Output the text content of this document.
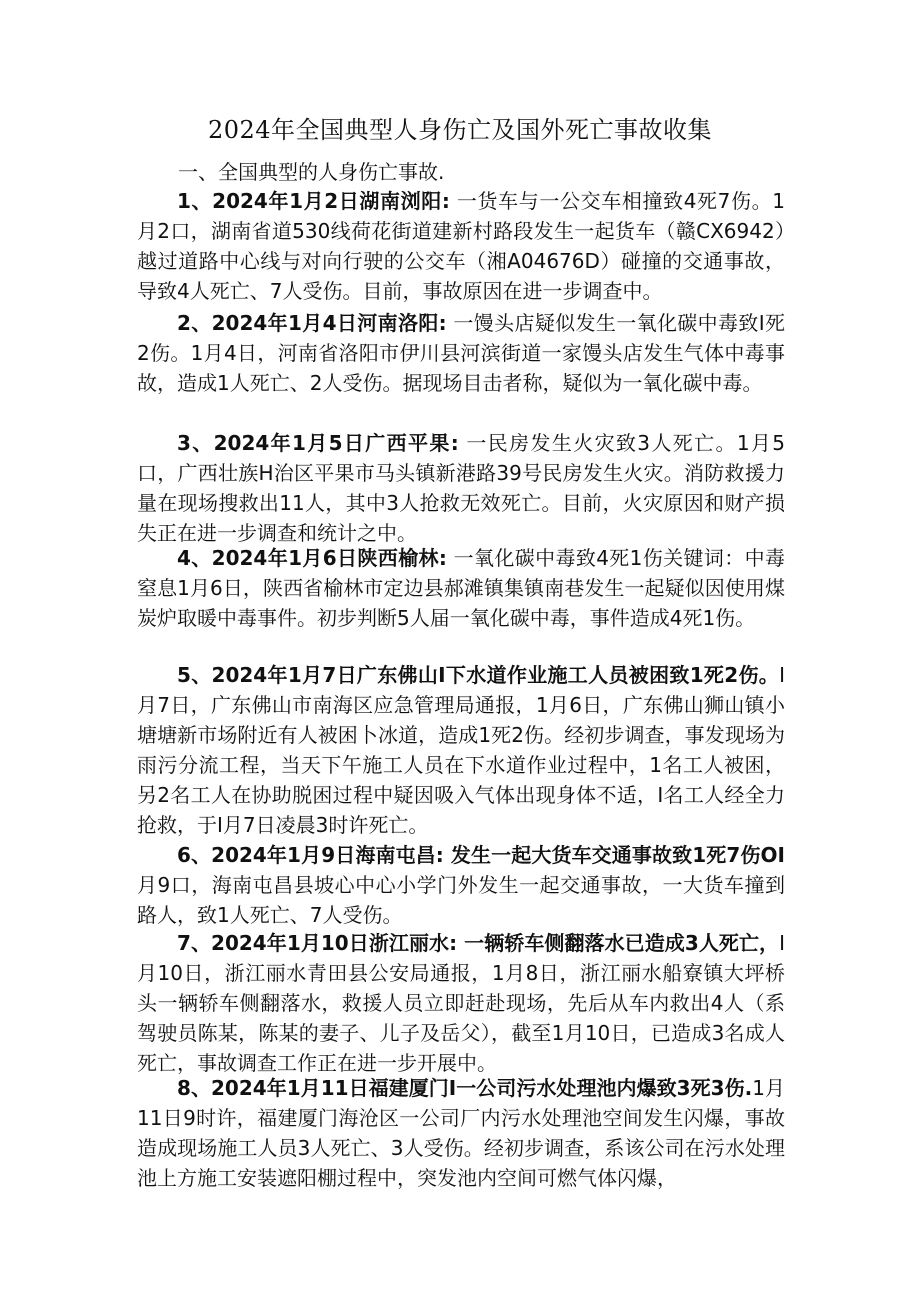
2024年全国典型人身伤亡及国外死亡事故收集
一、全国典型的人身伤亡事故.

1、2024年1月2日湖南浏阳: 一货车与一公交车相撞致4死7伤。1月2口，湖南省道530线荷花街道建新村路段发生一起货车（赣CX6942）越过道路中心线与对向行驶的公交车（湘A04676D）碰撞的交通事故，导致4人死亡、7人受伤。目前，事故原因在进一步调查中。

2、2024年1月4日河南洛阳: 一馒头店疑似发生一氧化碳中毒致I死2伤。1月4日，河南省洛阳市伊川县河滨街道一家馒头店发生气体中毒事故，造成1人死亡、2人受伤。据现场目击者称，疑似为一氧化碳中毒。

3、2024年1月5日广西平果: 一民房发生火灾致3人死亡。1月5口，广西壮族H治区平果市马头镇新港路39号民房发生火灾。消防救援力量在现场搜救出11人，其中3人抢救无效死亡。目前，火灾原因和财产损失正在进一步调查和统计之中。

4、2024年1月6日陕西榆林: 一氧化碳中毒致4死1伤关键词：中毒窒息1月6日，陕西省榆林市定边县郝滩镇集镇南巷发生一起疑似因使用煤炭炉取暖中毒事件。初步判断5人届一氧化碳中毒，事件造成4死1伤。

5、2024年1月7日广东佛山I下水道作业施工人员被困致1死2伤。I月7日，广东佛山市南海区应急管理局通报，1月6日，广东佛山狮山镇小塘塘新市场附近有人被困卜冰道，造成1死2伤。经初步调查，事发现场为雨污分流工程，当天下午施工人员在下水道作业过程中，1名工人被困，另2名工人在协助脱困过程中疑因吸入气体出现身体不适，I名工人经全力抢救，于I月7日凌晨3时许死亡。

6、2024年1月9日海南屯昌: 发生一起大货车交通事故致1死7伤OI月9口，海南屯昌县坡心中心小学门外发生一起交通事故，一大货车撞到路人，致1人死亡、7人受伤。

7、2024年1月10日浙江丽水: 一辆轿车侧翻落水已造成3人死亡，I月10日，浙江丽水青田县公安局通报，1月8日，浙江丽水船寮镇大坪桥头一辆轿车侧翻落水，救援人员立即赶赴现场，先后从车内救出4人（系驾驶员陈某，陈某的妻子、儿子及岳父），截至1月10日，已造成3名成人死亡，事故调查工作正在进一步开展中。

8、2024年1月11日福建厦门I一公司污水处理池内爆致3死3伤.1月11日9时许，福建厦门海沧区一公司厂内污水处理池空间发生闪爆，事故造成现场施工人员3人死亡、3人受伤。经初步调查，系该公司在污水处理池上方施工安装遮阳棚过程中，突发池内空间可燃气体闪爆，
